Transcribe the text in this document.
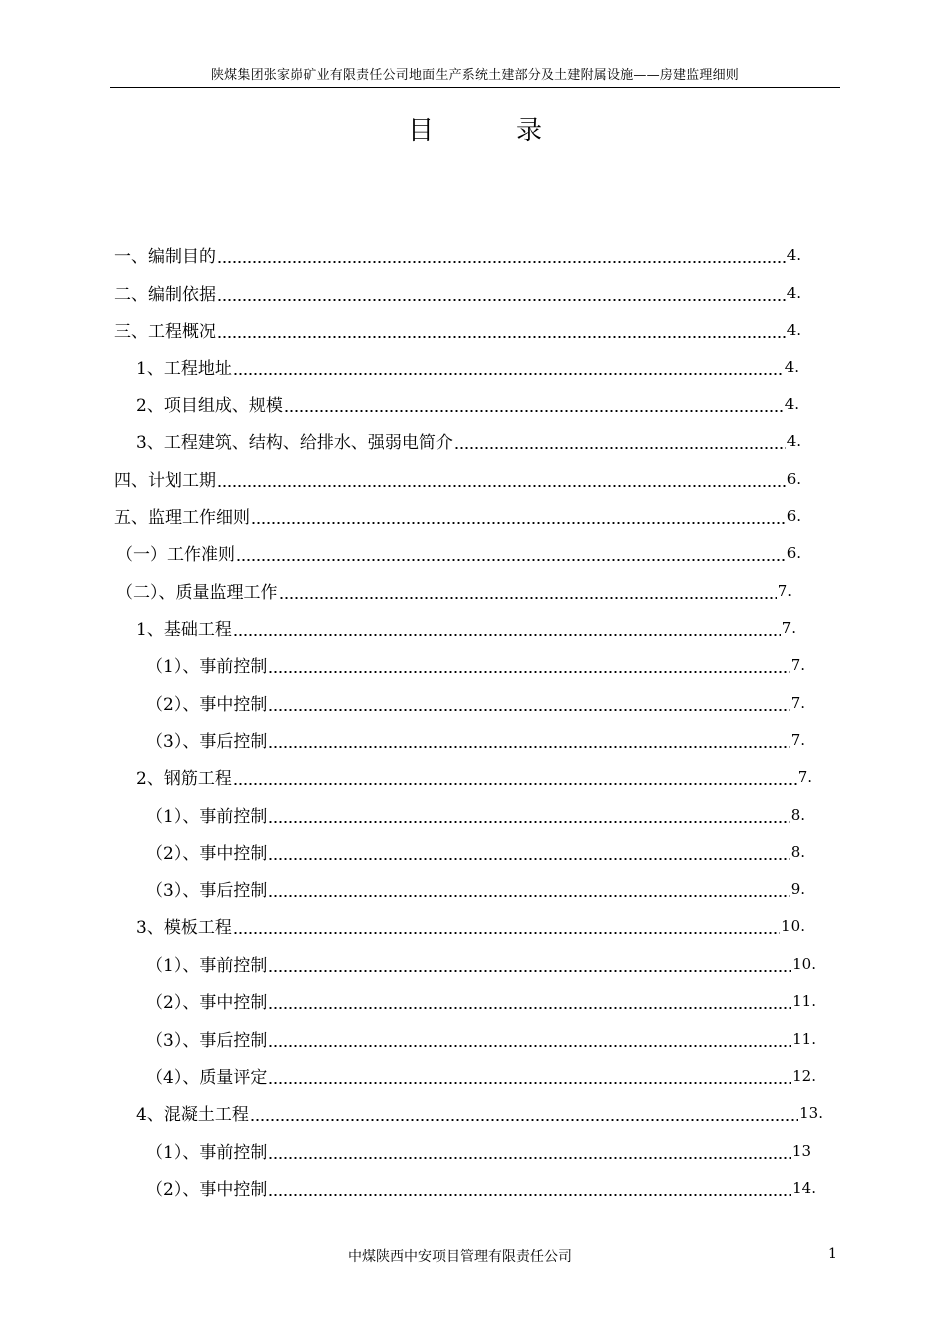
陕煤集团张家峁矿业有限责任公司地面生产系统土建部分及土建附属设施——房建监理细则
目录
一、编制目的	4.
二、编制依据	4.
三、工程概况	4.
1、工程地址	4.
2、项目组成、规模	4.
3、工程建筑、结构、给排水、强弱电简介	4.
四、计划工期	6.
五、监理工作细则	6.
（一）工作准则	6.
（二）、质量监理工作	7.
1、基础工程	7.
（1）、事前控制	7.
（2）、事中控制	7.
（3）、事后控制	7.
2、钢筋工程	7.
（1）、事前控制	8.
（2）、事中控制	8.
（3）、事后控制	9.
3、模板工程	10.
（1）、事前控制	10.
（2）、事中控制	11.
（3）、事后控制	11.
（4）、质量评定	12.
4、混凝土工程	13.
（1）、事前控制	13
（2）、事中控制	14.
中煤陕西中安项目管理有限责任公司	1
